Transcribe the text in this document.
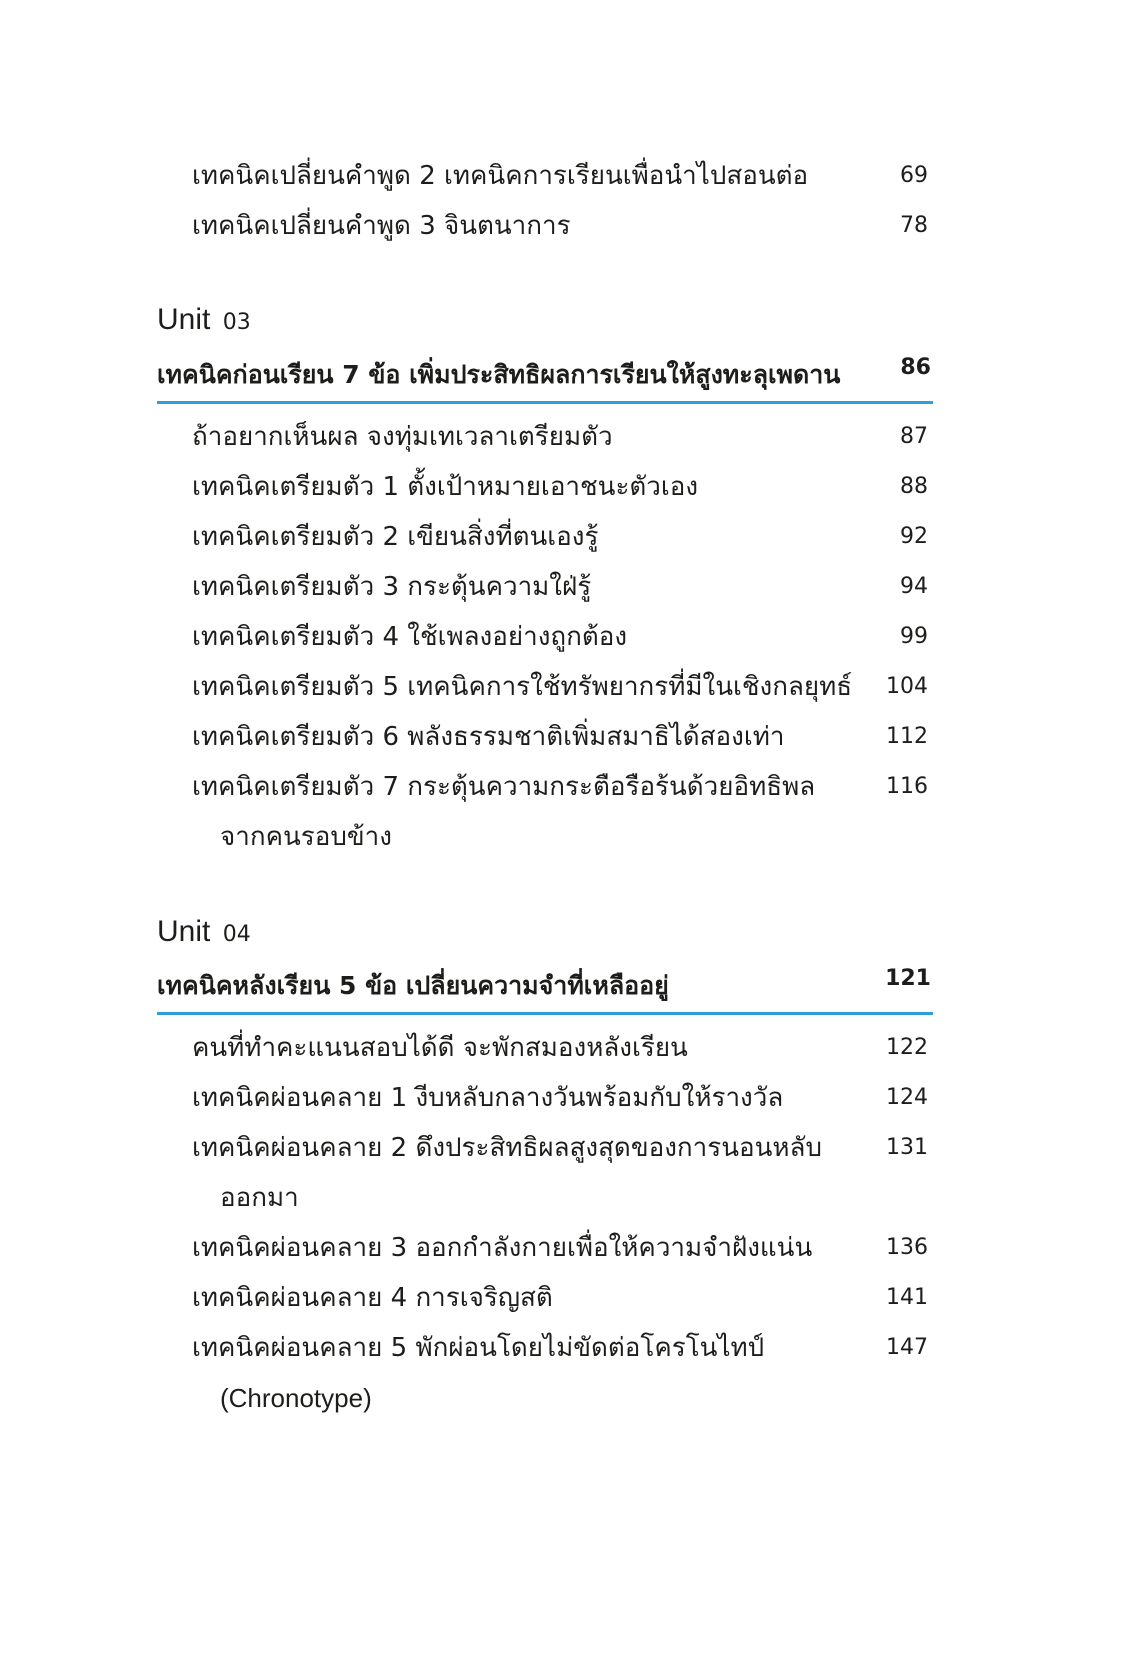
เทคนิคเปลี่ยนคำพูด 2 เทคนิคการเรียนเพื่อนำไปสอนต่อ	69
เทคนิคเปลี่ยนคำพูด 3 จินตนาการ	78
Unit 03
เทคนิคก่อนเรียน 7 ข้อ เพิ่มประสิทธิผลการเรียนให้สูงทะลุเพดาน	86
ถ้าอยากเห็นผล จงทุ่มเทเวลาเตรียมตัว	87
เทคนิคเตรียมตัว 1 ตั้งเป้าหมายเอาชนะตัวเอง	88
เทคนิคเตรียมตัว 2 เขียนสิ่งที่ตนเองรู้	92
เทคนิคเตรียมตัว 3 กระตุ้นความใฝ่รู้	94
เทคนิคเตรียมตัว 4 ใช้เพลงอย่างถูกต้อง	99
เทคนิคเตรียมตัว 5 เทคนิคการใช้ทรัพยากรที่มีในเชิงกลยุทธ์ 104
เทคนิคเตรียมตัว 6 พลังธรรมชาติเพิ่มสมาธิได้สองเท่า	112
เทคนิคเตรียมตัว 7 กระตุ้นความกระตือรือร้นด้วยอิทธิพล	116
จากคนรอบข้าง
Unit 04
เทคนิคหลังเรียน 5 ข้อ เปลี่ยนความจำที่เหลืออยู่	121
คนที่ทำคะแนนสอบได้ดี จะพักสมองหลังเรียน	122
เทคนิคผ่อนคลาย 1 งีบหลับกลางวันพร้อมกับให้รางวัล	124
เทคนิคผ่อนคลาย 2 ดึงประสิทธิผลสูงสุดของการนอนหลับ	131
ออกมา
เทคนิคผ่อนคลาย 3 ออกกำลังกายเพื่อให้ความจำฝังแน่น	136
เทคนิคผ่อนคลาย 4 การเจริญสติ	141
เทคนิคผ่อนคลาย 5 พักผ่อนโดยไม่ขัดต่อโครโนไทป์	147
(Chronotype)
